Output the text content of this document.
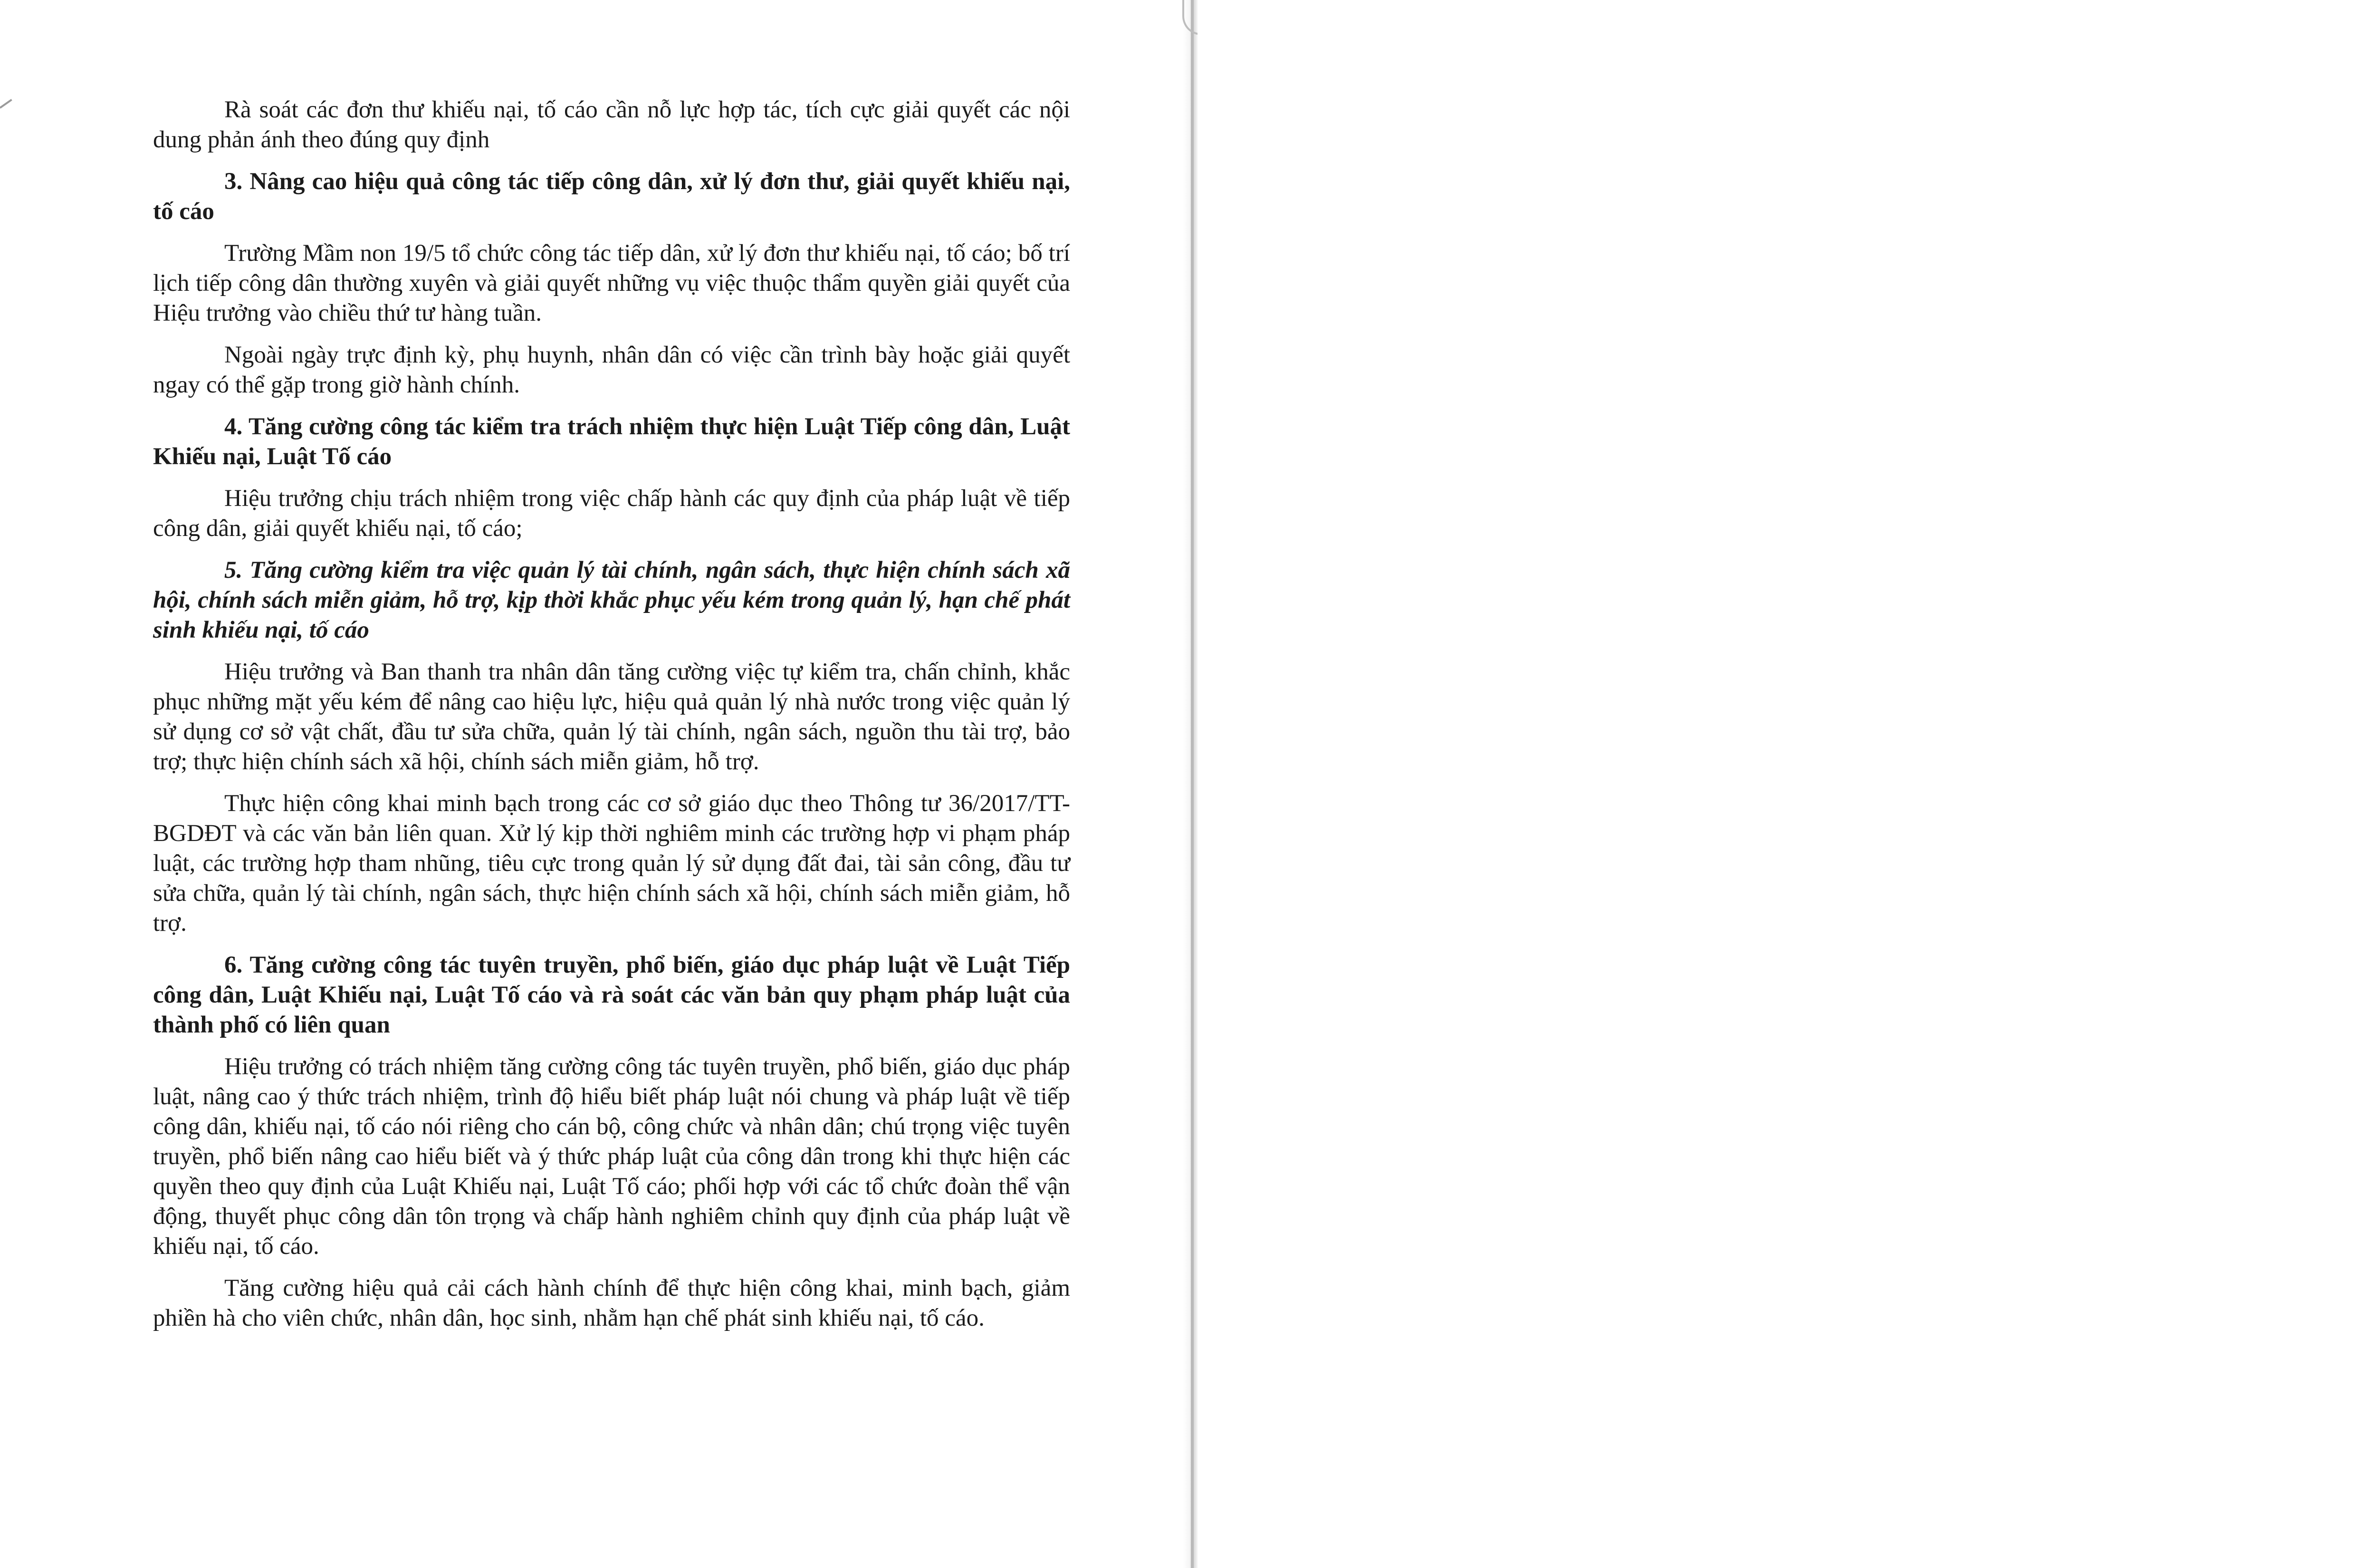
Rà soát các đơn thư khiếu nại, tố cáo cần nỗ lực hợp tác, tích cực giải quyết các nội dung phản ánh theo đúng quy định

3. Nâng cao hiệu quả công tác tiếp công dân, xử lý đơn thư, giải quyết khiếu nại, tố cáo

Trường Mầm non 19/5 tổ chức công tác tiếp dân, xử lý đơn thư khiếu nại, tố cáo; bố trí lịch tiếp công dân thường xuyên và giải quyết những vụ việc thuộc thẩm quyền giải quyết của Hiệu trưởng vào chiều thứ tư hàng tuần.

Ngoài ngày trực định kỳ, phụ huynh, nhân dân có việc cần trình bày hoặc giải quyết ngay có thể gặp trong giờ hành chính.

4. Tăng cường công tác kiểm tra trách nhiệm thực hiện Luật Tiếp công dân, Luật Khiếu nại, Luật Tố cáo

Hiệu trưởng chịu trách nhiệm trong việc chấp hành các quy định của pháp luật về tiếp công dân, giải quyết khiếu nại, tố cáo;

5. Tăng cường kiểm tra việc quản lý tài chính, ngân sách, thực hiện chính sách xã hội, chính sách miễn giảm, hỗ trợ, kịp thời khắc phục yếu kém trong quản lý, hạn chế phát sinh khiếu nại, tố cáo

Hiệu trưởng và Ban thanh tra nhân dân tăng cường việc tự kiểm tra, chấn chỉnh, khắc phục những mặt yếu kém để nâng cao hiệu lực, hiệu quả quản lý nhà nước trong việc quản lý sử dụng cơ sở vật chất, đầu tư sửa chữa, quản lý tài chính, ngân sách, nguồn thu tài trợ, bảo trợ; thực hiện chính sách xã hội, chính sách miễn giảm, hỗ trợ.

Thực hiện công khai minh bạch trong các cơ sở giáo dục theo Thông tư 36/2017/TT-BGDĐT và các văn bản liên quan. Xử lý kịp thời nghiêm minh các trường hợp vi phạm pháp luật, các trường hợp tham nhũng, tiêu cực trong quản lý sử dụng đất đai, tài sản công, đầu tư sửa chữa, quản lý tài chính, ngân sách, thực hiện chính sách xã hội, chính sách miễn giảm, hỗ trợ.

6. Tăng cường công tác tuyên truyền, phổ biến, giáo dục pháp luật về Luật Tiếp công dân, Luật Khiếu nại, Luật Tố cáo và rà soát các văn bản quy phạm pháp luật của thành phố có liên quan

Hiệu trưởng có trách nhiệm tăng cường công tác tuyên truyền, phổ biến, giáo dục pháp luật, nâng cao ý thức trách nhiệm, trình độ hiểu biết pháp luật nói chung và pháp luật về tiếp công dân, khiếu nại, tố cáo nói riêng cho cán bộ, công chức và nhân dân; chú trọng việc tuyên truyền, phổ biến nâng cao hiểu biết và ý thức pháp luật của công dân trong khi thực hiện các quyền theo quy định của Luật Khiếu nại, Luật Tố cáo; phối hợp với các tổ chức đoàn thể vận động, thuyết phục công dân tôn trọng và chấp hành nghiêm chỉnh quy định của pháp luật về khiếu nại, tố cáo.

Tăng cường hiệu quả cải cách hành chính để thực hiện công khai, minh bạch, giảm phiền hà cho viên chức, nhân dân, học sinh, nhằm hạn chế phát sinh khiếu nại, tố cáo.
